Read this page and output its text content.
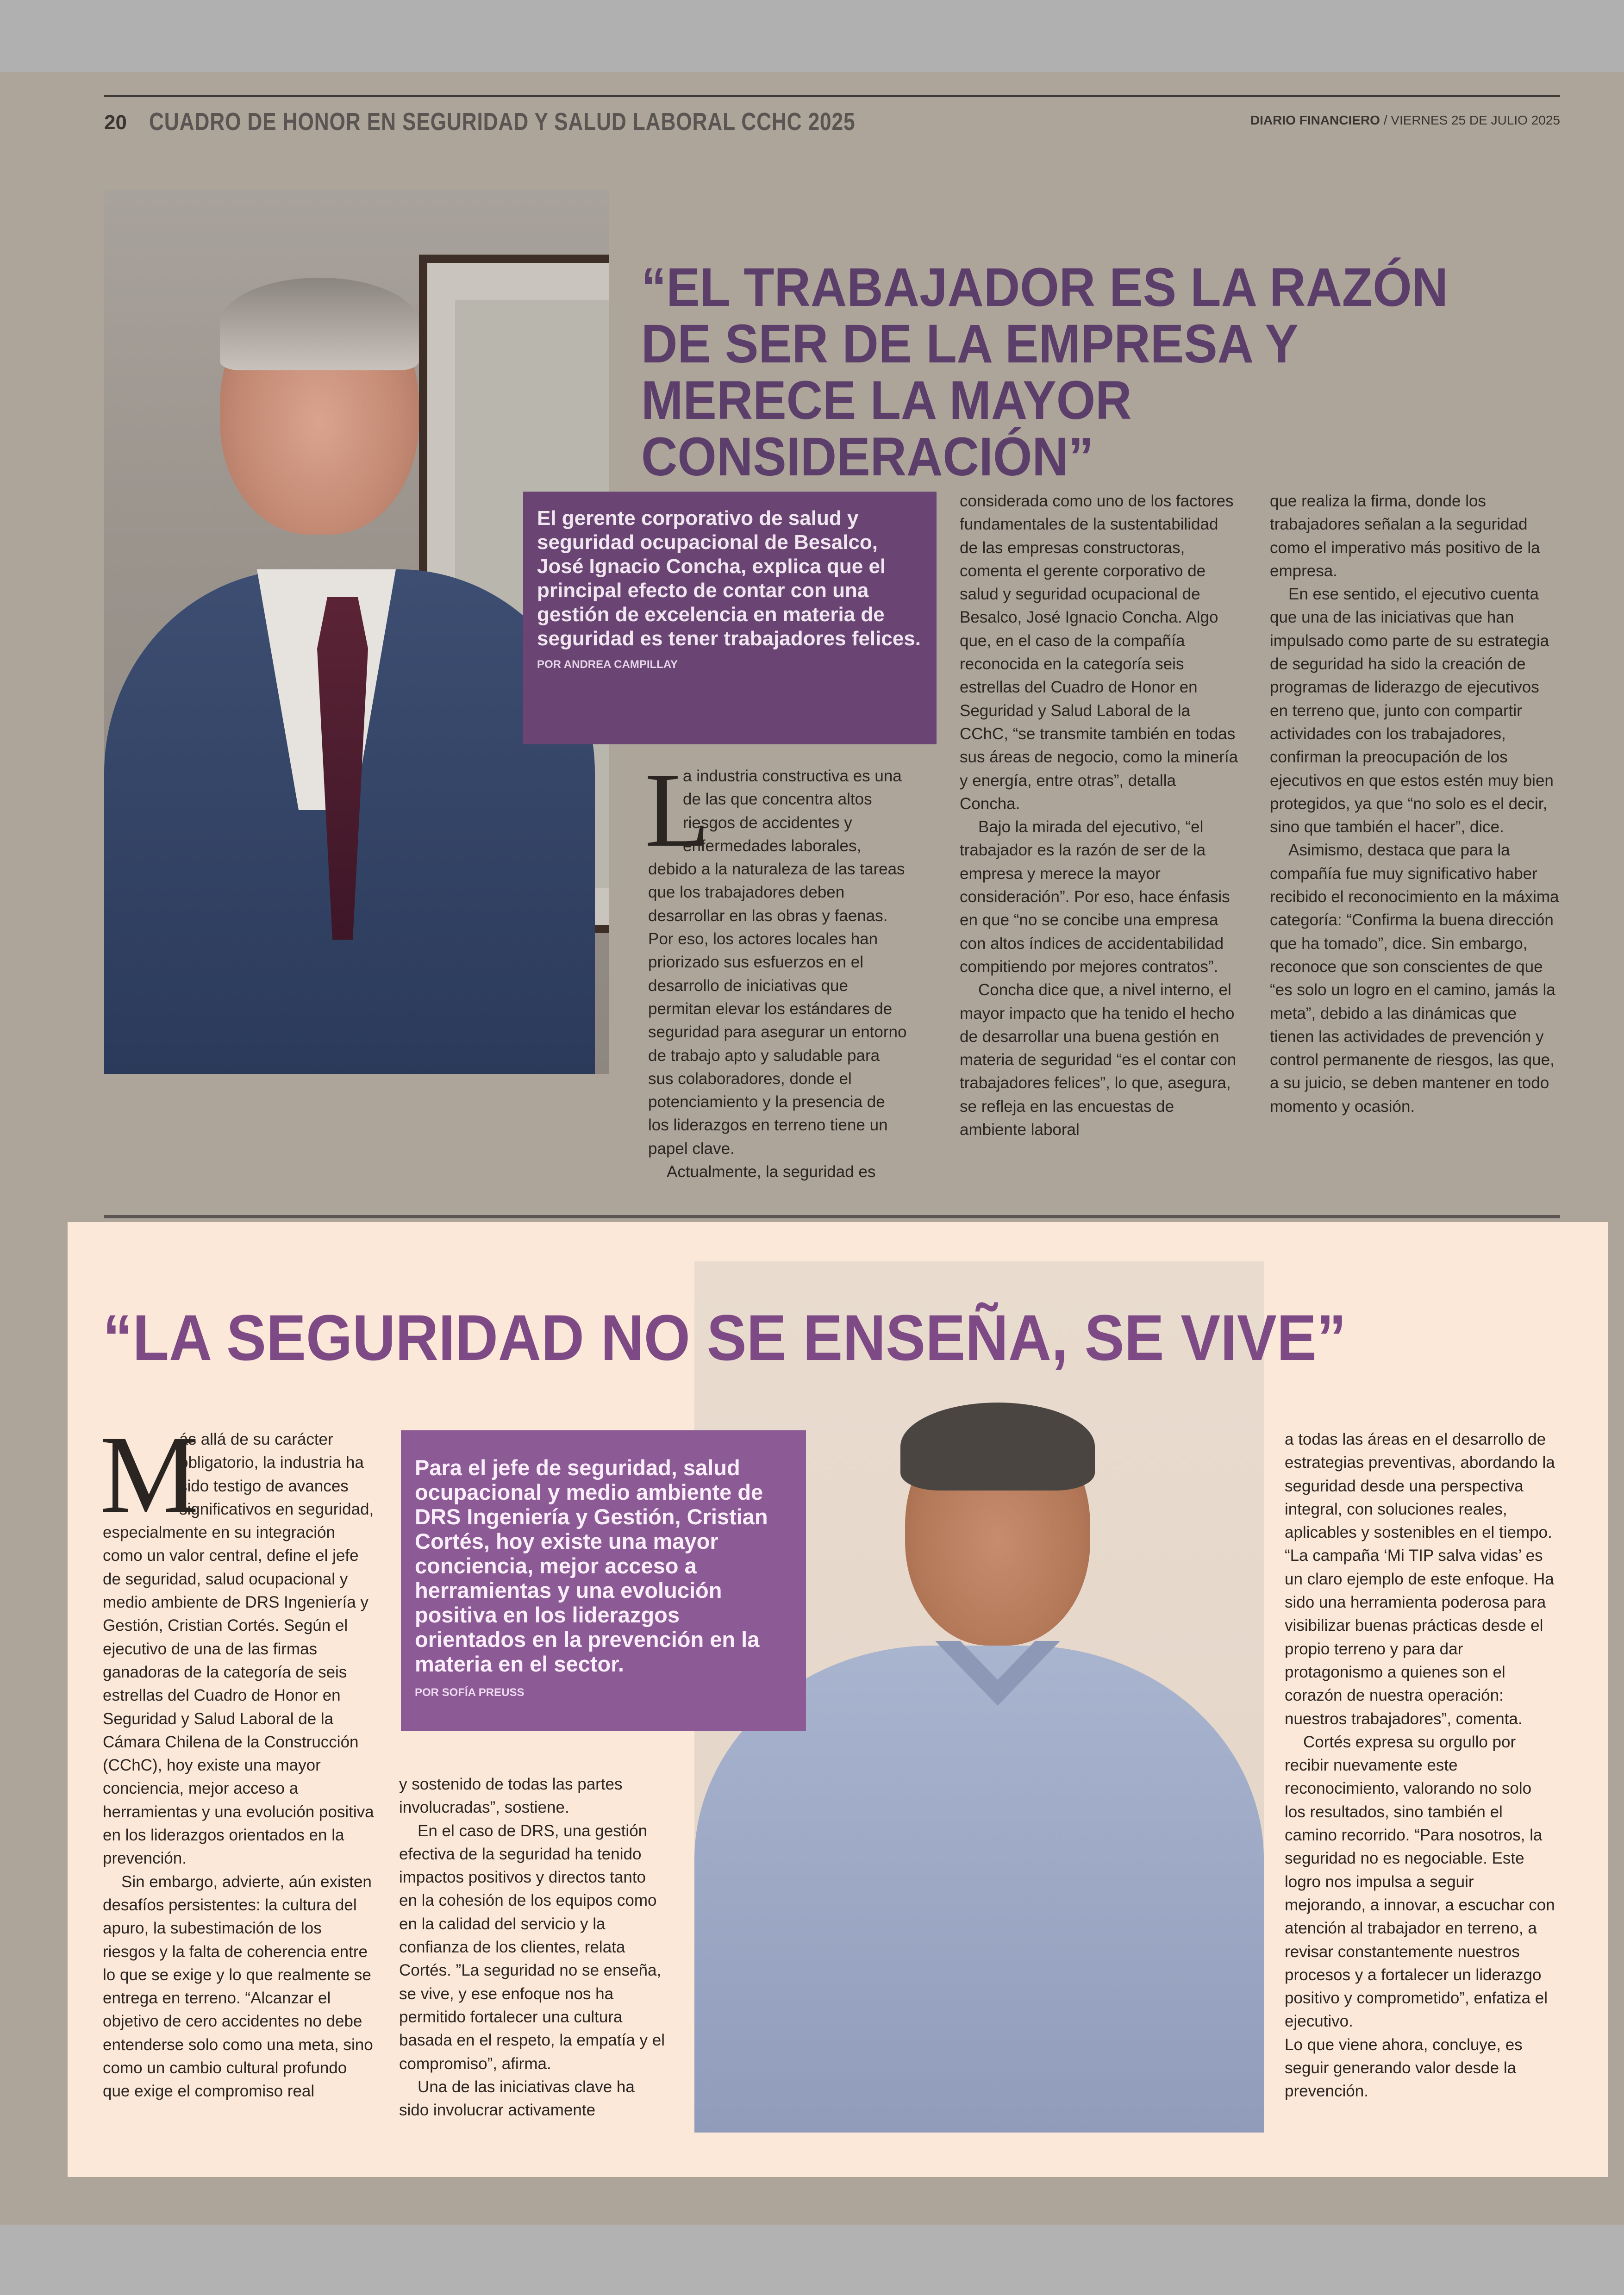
20 CUADRO DE HONOR EN SEGURIDAD Y SALUD LABORAL CCHC 2025	DIARIO FINANCIERO / VIERNES 25 DE JULIO 2025
“EL TRABAJADOR ES LA RAZÓN DE SER DE LA EMPRESA Y MERECE LA MAYOR CONSIDERACIÓN”
El gerente corporativo de salud y seguridad ocupacional de Besalco, José Ignacio Concha, explica que el principal efecto de contar con una gestión de excelencia en materia de seguridad es tener trabajadores felices.
POR ANDREA CAMPILLAY
L

a industria constructiva es una de las que concentra altos riesgos de accidentes y enfermedades laborales, debido a la naturaleza de las tareas que los trabajadores deben desarrollar en las obras y faenas. Por eso, los actores locales han priorizado sus esfuerzos en el desarrollo de iniciativas que permitan elevar los estándares de seguridad para asegurar un entorno de trabajo apto y saludable para sus colaboradores, donde el potenciamiento y la presencia de los liderazgos en terreno tiene un papel clave.

Actualmente, la seguridad es

considerada como uno de los factores fundamentales de la sustentabilidad de las empresas constructoras, comenta el gerente corporativo de salud y seguridad ocupacional de Besalco, José Ignacio Concha. Algo que, en el caso de la compañía reconocida en la categoría seis estrellas del Cuadro de Honor en Seguridad y Salud Laboral de la CChC, “se transmite también en todas sus áreas de negocio, como la minería y energía, entre otras”, detalla Concha.

Bajo la mirada del ejecutivo, “el trabajador es la razón de ser de la empresa y merece la mayor consideración”. Por eso, hace énfasis en que “no se concibe una empresa con altos índices de accidentabilidad compitiendo por mejores contratos”.

Concha dice que, a nivel interno, el mayor impacto que ha tenido el hecho de desarrollar una buena gestión en materia de seguridad “es el contar con trabajadores felices”, lo que, asegura, se refleja en las encuestas de ambiente laboral

que realiza la firma, donde los trabajadores señalan a la seguridad como el imperativo más positivo de la empresa.

En ese sentido, el ejecutivo cuenta que una de las iniciativas que han impulsado como parte de su estrategia de seguridad ha sido la creación de programas de liderazgo de ejecutivos en terreno que, junto con compartir actividades con los trabajadores, confirman la preocupación de los ejecutivos en que estos estén muy bien protegidos, ya que “no solo es el decir, sino que también el hacer”, dice.

Asimismo, destaca que para la compañía fue muy significativo haber recibido el reconocimiento en la máxima categoría: “Confirma la buena dirección que ha tomado”, dice. Sin embargo, reconoce que son conscientes de que “es solo un logro en el camino, jamás la meta”, debido a las dinámicas que tienen las actividades de prevención y control permanente de riesgos, las que, a su juicio, se deben mantener en todo momento y ocasión.

“LA SEGURIDAD NO SE ENSEÑA, SE VIVE”
Para el jefe de seguridad, salud ocupacional y medio ambiente de DRS Ingeniería y Gestión, Cristian Cortés, hoy existe una mayor conciencia, mejor acceso a herramientas y una evolución positiva en los liderazgos orientados en la prevención en la materia en el sector.
POR SOFÍA PREUSS
M

ás allá de su carácter obligatorio, la industria ha sido testigo de avances significativos en seguridad, especialmente en su integración como un valor central, define el jefe de seguridad, salud ocupacional y medio ambiente de DRS Ingeniería y Gestión, Cristian Cortés. Según el ejecutivo de una de las firmas ganadoras de la categoría de seis estrellas del Cuadro de Honor en Seguridad y Salud Laboral de la Cámara Chilena de la Construcción (CChC), hoy existe una mayor conciencia, mejor acceso a herramientas y una evolución positiva en los liderazgos orientados en la prevención.

Sin embargo, advierte, aún existen desafíos persistentes: la cultura del apuro, la subestimación de los riesgos y la falta de coherencia entre lo que se exige y lo que realmente se entrega en terreno. “Alcanzar el objetivo de cero accidentes no debe entenderse solo como una meta, sino como un cambio cultural profundo que exige el compromiso real

y sostenido de todas las partes involucradas”, sostiene.

En el caso de DRS, una gestión efectiva de la seguridad ha tenido impactos positivos y directos tanto en la cohesión de los equipos como en la calidad del servicio y la confianza de los clientes, relata Cortés. ”La seguridad no se enseña, se vive, y ese enfoque nos ha permitido fortalecer una cultura basada en el respeto, la empatía y el compromiso”, afirma.

Una de las iniciativas clave ha sido involucrar activamente

a todas las áreas en el desarrollo de estrategias preventivas, abordando la seguridad desde una perspectiva integral, con soluciones reales, aplicables y sostenibles en el tiempo. “La campaña ‘Mi TIP salva vidas’ es un claro ejemplo de este enfoque. Ha sido una herramienta poderosa para visibilizar buenas prácticas desde el propio terreno y para dar protagonismo a quienes son el corazón de nuestra operación: nuestros trabajadores”, comenta.

Cortés expresa su orgullo por recibir nuevamente este reconocimiento, valorando no solo los resultados, sino también el camino recorrido. “Para nosotros, la seguridad no es negociable. Este logro nos impulsa a seguir mejorando, a innovar, a escuchar con atención al trabajador en terreno, a revisar constantemente nuestros procesos y a fortalecer un liderazgo positivo y comprometido”, enfatiza el ejecutivo.

Lo que viene ahora, concluye, es seguir generando valor desde la prevención.
